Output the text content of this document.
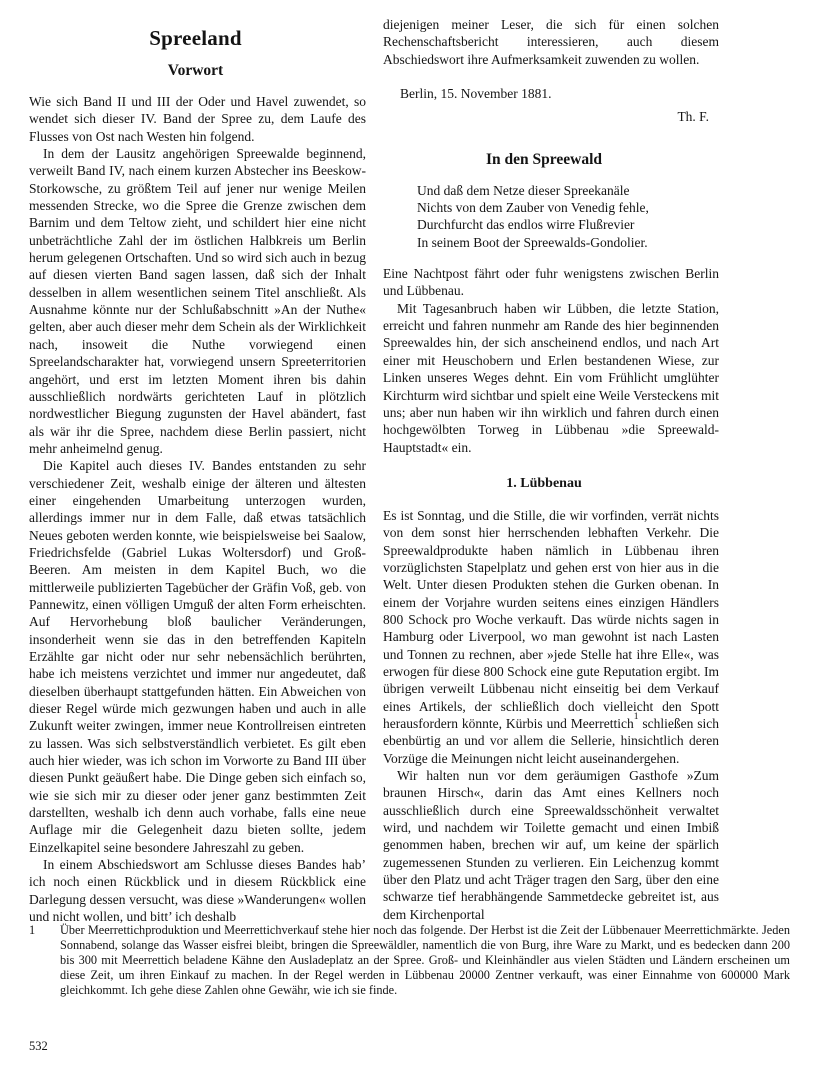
Spreeland
Vorwort

Wie sich Band II und III der Oder und Havel zuwendet, so wendet sich dieser IV. Band der Spree zu, dem Laufe des Flusses von Ost nach Westen hin folgend.

In dem der Lausitz angehörigen Spreewalde beginnend, verweilt Band IV, nach einem kurzen Abstecher ins Beeskow-Storkowsche, zu größtem Teil auf jener nur wenige Meilen messenden Strecke, wo die Spree die Grenze zwischen dem Barnim und dem Teltow zieht, und schildert hier eine nicht unbeträchtliche Zahl der im östlichen Halbkreis um Berlin herum gelegenen Ortschaften. Und so wird sich auch in bezug auf diesen vierten Band sagen lassen, daß sich der Inhalt desselben in allem wesentlichen seinem Titel anschließt. Als Ausnahme könnte nur der Schlußabschnitt »An der Nuthe« gelten, aber auch dieser mehr dem Schein als der Wirklichkeit nach, insoweit die Nuthe vorwiegend einen Spreelandscharakter hat, vorwiegend unsern Spreeterritorien angehört, und erst im letzten Moment ihren bis dahin ausschließlich nordwärts gerichteten Lauf in plötzlich nordwestlicher Biegung zugunsten der Havel abändert, fast als wär ihr die Spree, nachdem diese Berlin passiert, nicht mehr anheimelnd genug.

Die Kapitel auch dieses IV. Bandes entstanden zu sehr verschiedener Zeit, weshalb einige der älteren und ältesten einer eingehenden Umarbeitung unterzogen wurden, allerdings immer nur in dem Falle, daß etwas tatsächlich Neues geboten werden konnte, wie beispielsweise bei Saalow, Friedrichsfelde (Gabriel Lukas Woltersdorf) und Groß-Beeren. Am meisten in dem Kapitel Buch, wo die mittlerweile publizierten Tagebücher der Gräfin Voß, geb. von Pannewitz, einen völligen Umguß der alten Form erheischten. Auf Hervorhebung bloß baulicher Veränderungen, insonderheit wenn sie das in den betreffenden Kapiteln Erzählte gar nicht oder nur sehr nebensächlich berührten, habe ich meistens verzichtet und immer nur angedeutet, daß dieselben überhaupt stattgefunden hätten. Ein Abweichen von dieser Regel würde mich gezwungen haben und auch in alle Zukunft weiter zwingen, immer neue Kontrollreisen eintreten zu lassen. Was sich selbstverständlich verbietet. Es gilt eben auch hier wieder, was ich schon im Vorworte zu Band III über diesen Punkt geäußert habe. Die Dinge geben sich einfach so, wie sie sich mir zu dieser oder jener ganz bestimmten Zeit darstellten, weshalb ich denn auch vorhabe, falls eine neue Auflage mir die Gelegenheit dazu bieten sollte, jedem Einzelkapitel seine besondere Jahreszahl zu geben.

In einem Abschiedswort am Schlusse dieses Bandes hab’ ich noch einen Rückblick und in diesem Rückblick eine Darlegung dessen versucht, was diese »Wanderungen« wollen und nicht wollen, und bitt’ ich deshalb

diejenigen meiner Leser, die sich für einen solchen Rechenschaftsbericht interessieren, auch diesem Abschiedswort ihre Aufmerksamkeit zuwenden zu wollen.

Berlin, 15. November 1881.

Th. F.

In den Spreewald
Und daß dem Netze dieser Spreekanäle
Nichts von dem Zauber von Venedig fehle,
Durchfurcht das endlos wirre Flußrevier
In seinem Boot der Spreewalds-Gondolier.

Eine Nachtpost fährt oder fuhr wenigstens zwischen Berlin und Lübbenau.

Mit Tagesanbruch haben wir Lübben, die letzte Station, erreicht und fahren nunmehr am Rande des hier beginnenden Spreewaldes hin, der sich anscheinend endlos, und nach Art einer mit Heuschobern und Erlen bestandenen Wiese, zur Linken unseres Weges dehnt. Ein vom Frühlicht umglühter Kirchturm wird sichtbar und spielt eine Weile Versteckens mit uns; aber nun haben wir ihn wirklich und fahren durch einen hochgewölbten Torweg in Lübbenau »die Spreewald-Hauptstadt« ein.

1. Lübbenau

Es ist Sonntag, und die Stille, die wir vorfinden, verrät nichts von dem sonst hier herrschenden lebhaften Verkehr. Die Spreewaldprodukte haben nämlich in Lübbenau ihren vorzüglichsten Stapelplatz und gehen erst von hier aus in die Welt. Unter diesen Produkten stehen die Gurken obenan. In einem der Vorjahre wurden seitens eines einzigen Händlers 800 Schock pro Woche verkauft. Das würde nichts sagen in Hamburg oder Liverpool, wo man gewohnt ist nach Lasten und Tonnen zu rechnen, aber »jede Stelle hat ihre Elle«, was erwogen für diese 800 Schock eine gute Reputation ergibt. Im übrigen verweilt Lübbenau nicht einseitig bei dem Verkauf eines Artikels, der schließlich doch vielleicht den Spott herausfordern könnte, Kürbis und Meerrettich$^1$ schließen sich ebenbürtig an und vor allem die Sellerie, hinsichtlich deren Vorzüge die Meinungen nicht leicht auseinandergehen.

Wir halten nun vor dem geräumigen Gasthofe »Zum braunen Hirsch«, darin das Amt eines Kellners noch ausschließlich durch eine Spreewaldsschönheit verwaltet wird, und nachdem wir Toilette gemacht und einen Imbiß genommen haben, brechen wir auf, um keine der spärlich zugemessenen Stunden zu verlieren. Ein Leichenzug kommt über den Platz und acht Träger tragen den Sarg, über den eine schwarze tief herabhängende Sammetdecke gebreitet ist, aus dem Kirchenportal

1 Über Meerrettichproduktion und Meerrettichverkauf stehe hier noch das folgende. Der Herbst ist die Zeit der Lübbenauer Meerrettichmärkte. Jeden Sonnabend, solange das Wasser eisfrei bleibt, bringen die Spreewäldler, namentlich die von Burg, ihre Ware zu Markt, und es bedecken dann 200 bis 300 mit Meerrettich beladene Kähne den Ausladeplatz an der Spree. Groß- und Kleinhändler aus vielen Städten und Ländern erscheinen um diese Zeit, um ihren Einkauf zu machen. In der Regel werden in Lübbenau 20000 Zentner verkauft, was einer Einnahme von 600000 Mark gleichkommt. Ich gehe diese Zahlen ohne Gewähr, wie ich sie finde.
532
